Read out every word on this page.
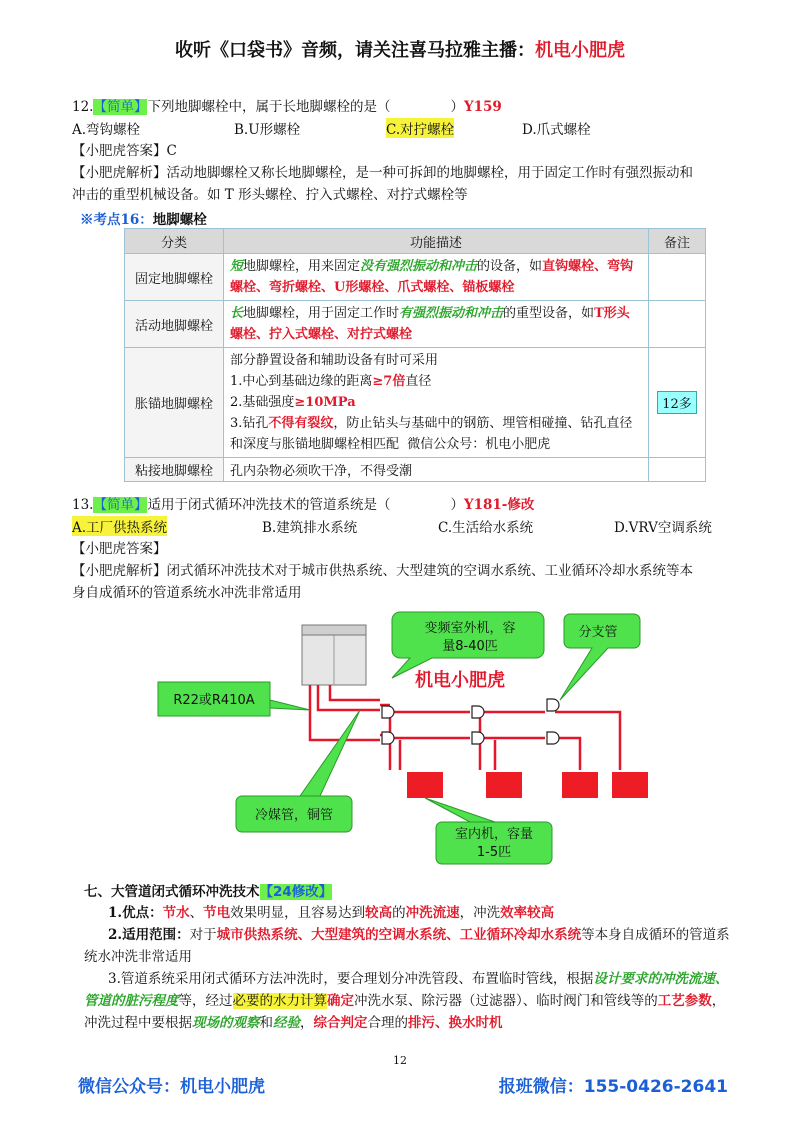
收听《口袋书》音频，请关注喜马拉雅主播：机电小肥虎
12.【简单】下列地脚螺栓中，属于长地脚螺栓的是（	）Y159
A.弯钩螺栓	B.U形螺栓	C.对拧螺栓	D.爪式螺栓
【小肥虎答案】C
【小肥虎解析】活动地脚螺栓又称长地脚螺栓，是一种可拆卸的地脚螺栓，用于固定工作时有强烈振动和
冲击的重型机械设备。如 T 形头螺栓、拧入式螺栓、对拧式螺栓等
※考点16：地脚螺栓
分类	功能描述	备注
固定地脚螺栓	短地脚螺栓，用来固定没有强烈振动和冲击的设备，如直钩螺栓、弯钩螺栓、弯折螺栓、U形螺栓、爪式螺栓、锚板螺栓	
活动地脚螺栓	长地脚螺栓，用于固定工作时有强烈振动和冲击的重型设备，如T形头螺栓、拧入式螺栓、对拧式螺栓	
胀锚地脚螺栓	部分静置设备和辅助设备有时可采用
1.中心到基础边缘的距离≥7倍直径
2.基础强度≥10MPa
3.钻孔不得有裂纹，防止钻头与基础中的钢筋、埋管相碰撞、钻孔直径和深度与胀锚地脚螺栓相匹配 微信公众号：机电小肥虎	12多
粘接地脚螺栓	孔内杂物必须吹干净，不得受潮	
13.【简单】适用于闭式循环冲洗技术的管道系统是（	）Y181-修改
A.工厂供热系统	B.建筑排水系统	C.生活给水系统	D.VRV空调系统
【小肥虎答案】
【小肥虎解析】闭式循环冲洗技术对于城市供热系统、大型建筑的空调水系统、工业循环冷却水系统等本
身自成循环的管道系统水冲洗非常适用
变频室外机，容
量8-40匹
分支管
R22或R410A
冷媒管，铜管
室内机，容量
1-5匹
机电小肥虎
七、大管道闭式循环冲洗技术【24修改】
1.优点：节水、节电效果明显，且容易达到较高的冲洗流速，冲洗效率较高
2.适用范围：对于城市供热系统、大型建筑的空调水系统、工业循环冷却水系统等本身自成循环的管道系统水冲洗非常适用
3.管道系统采用闭式循环方法冲洗时，要合理划分冲洗管段、布置临时管线，根据设计要求的冲洗流速、管道的脏污程度等，经过必要的水力计算确定冲洗水泵、除污器（过滤器）、临时阀门和管线等的工艺参数，冲洗过程中要根据现场的观察和经验，综合判定合理的排污、换水时机
12
微信公众号：机电小肥虎	报班微信：155-0426-2641
